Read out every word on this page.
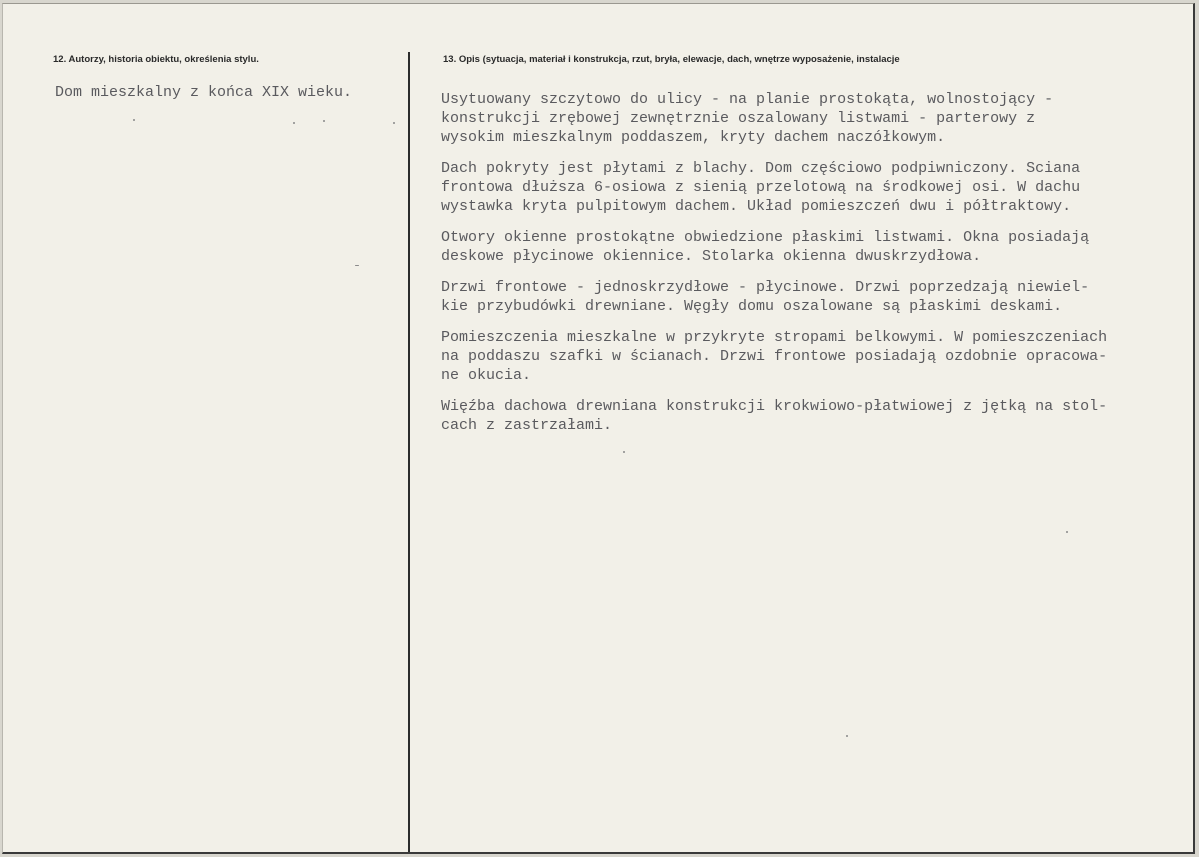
12. Autorzy, historia obiektu, określenia stylu.	13. Opis (sytuacja, materiał i konstrukcja, rzut, bryła, elewacje, dach, wnętrze wyposażenie, instalacje
Dom mieszkalny z końca XIX wieku.	Usytuowany szczytowo do ulicy - na planie prostokąta, wolnostojący -
konstrukcji zrębowej zewnętrznie oszalowany listwami - parterowy z
wysokim mieszkalnym poddaszem, kryty dachem naczółkowym.
Dach pokryty jest płytami z blachy. Dom częściowo podpiwniczony. Sciana
frontowa dłuższa 6-osiowa z sienią przelotową na środkowej osi. W dachu
wystawka kryta pulpitowym dachem. Układ pomieszczeń dwu i półtraktowy.
Otwory okienne prostokątne obwiedzione płaskimi listwami. Okna posiadają
deskowe płycinowe okiennice. Stolarka okienna dwuskrzydłowa.
Drzwi frontowe - jednoskrzydłowe - płycinowe. Drzwi poprzedzają niewiel-
kie przybudówki drewniane. Węgły domu oszalowane są płaskimi deskami.
Pomieszczenia mieszkalne w przykryte stropami belkowymi. W pomieszczeniach
na poddaszu szafki w ścianach. Drzwi frontowe posiadają ozdobnie opracowa-
ne okucia.
Więźba dachowa drewniana konstrukcji krokwiowo-płatwiowej z jętką na stol-
cach z zastrzałami.
